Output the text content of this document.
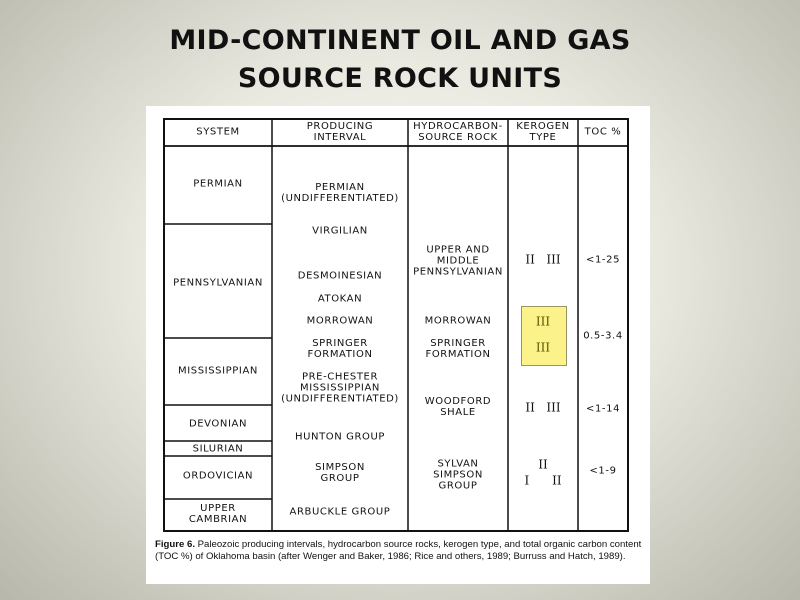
MID-CONTINENT OIL AND GAS
SOURCE ROCK UNITS
SYSTEM	PRODUCING
INTERVAL
HYDROCARBON-
SOURCE ROCK
KEROGEN
TYPE	TOC %
PERMIAN
PENNSYLVANIAN
MISSISSIPPIAN
DEVONIAN
SILURIAN
ORDOVICIAN
UPPER
CAMBRIAN
PERMIAN
(UNDIFFERENTIATED)
VIRGILIAN
DESMOINESIAN
ATOKAN
MORROWAN
SPRINGER
FORMATION
PRE-CHESTER
MISSISSIPPIAN
(UNDIFFERENTIATED)
HUNTON GROUP
SIMPSON
GROUP
ARBUCKLE GROUP
UPPER AND
MIDDLE
PENNSYLVANIAN
MORROWAN
SPRINGER
FORMATION
WOODFORD
SHALE
SYLVAN
SIMPSON
GROUP
II   III
III
III
II   III
II
I      II
<1-25
0.5-3.4
<1-14
<1-9
Figure 6. Paleozoic producing intervals, hydrocarbon source rocks, kerogen type, and total organic carbon content (TOC %) of Oklahoma basin (after Wenger and Baker, 1986; Rice and others, 1989; Burruss and Hatch, 1989).
